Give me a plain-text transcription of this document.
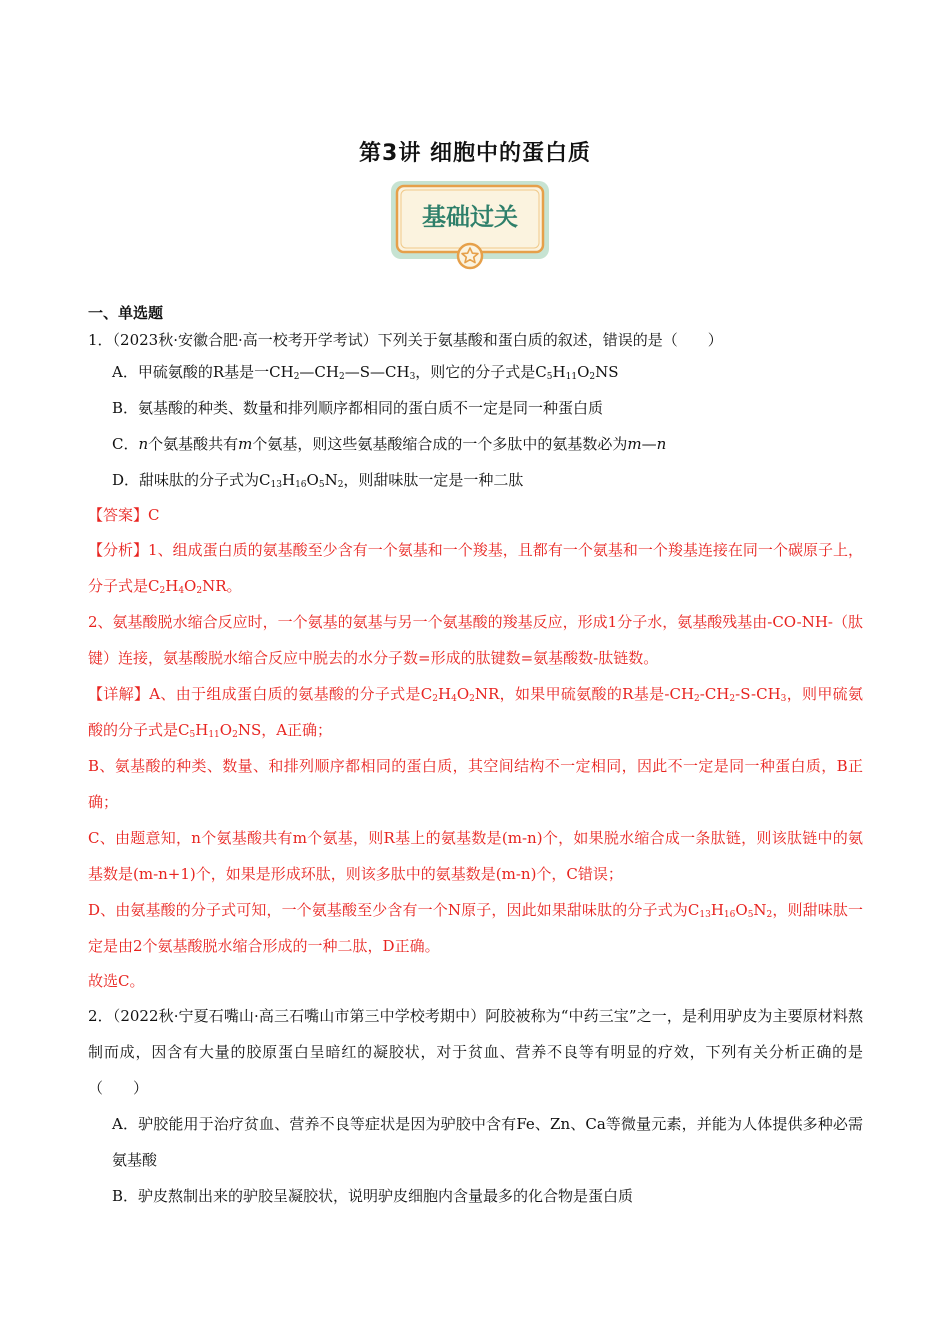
第3讲 细胞中的蛋白质
基础过关
一、单选题
1．（2023秋·安徽合肥·高一校考开学考试）下列关于氨基酸和蛋白质的叙述，错误的是（　　）
A．甲硫氨酸的R基是一$CH_2—CH_2—S—CH_3$，则它的分子式是$C_5H_{11}O_2NS$
B．氨基酸的种类、数量和排列顺序都相同的蛋白质不一定是同一种蛋白质
C．n个氨基酸共有m个氨基，则这些氨基酸缩合成的一个多肽中的氨基数必为m—n
D．甜味肽的分子式为$C_{13}H_{16}O_5N_2$，则甜味肽一定是一种二肽
【答案】C
【分析】1、组成蛋白质的氨基酸至少含有一个氨基和一个羧基，且都有一个氨基和一个羧基连接在同一个碳原子上，分子式是$C_2H_4O_2NR$。
2、氨基酸脱水缩合反应时，一个氨基的氨基与另一个氨基酸的羧基反应，形成1分子水，氨基酸残基由-CO-NH-（肽键）连接，氨基酸脱水缩合反应中脱去的水分子数=形成的肽键数=氨基酸数-肽链数。
【详解】A、由于组成蛋白质的氨基酸的分子式是$C_2H_4O_2NR$，如果甲硫氨酸的R基是$-CH_2-CH_2-S-CH_3$，则甲硫氨酸的分子式是$C_5H_{11}O_2NS$，A正确；
B、氨基酸的种类、数量、和排列顺序都相同的蛋白质，其空间结构不一定相同，因此不一定是同一种蛋白质，B正确；
C、由题意知，n个氨基酸共有m个氨基，则R基上的氨基数是(m-n)个，如果脱水缩合成一条肽链，则该肽链中的氨基数是(m-n+1)个，如果是形成环肽，则该多肽中的氨基数是(m-n)个，C错误；
D、由氨基酸的分子式可知，一个氨基酸至少含有一个N原子，因此如果甜味肽的分子式为$C_{13}H_{16}O_5N_2$，则甜味肽一定是由2个氨基酸脱水缩合形成的一种二肽，D正确。
故选C。
2．（2022秋·宁夏石嘴山·高三石嘴山市第三中学校考期中）阿胶被称为“中药三宝”之一，是利用驴皮为主要原材料熬制而成，因含有大量的胶原蛋白呈暗红的凝胶状，对于贫血、营养不良等有明显的疗效，下列有关分析正确的是（　　）
A．驴胶能用于治疗贫血、营养不良等症状是因为驴胶中含有Fe、Zn、Ca等微量元素，并能为人体提供多种必需氨基酸
B．驴皮熬制出来的驴胶呈凝胶状，说明驴皮细胞内含量最多的化合物是蛋白质
